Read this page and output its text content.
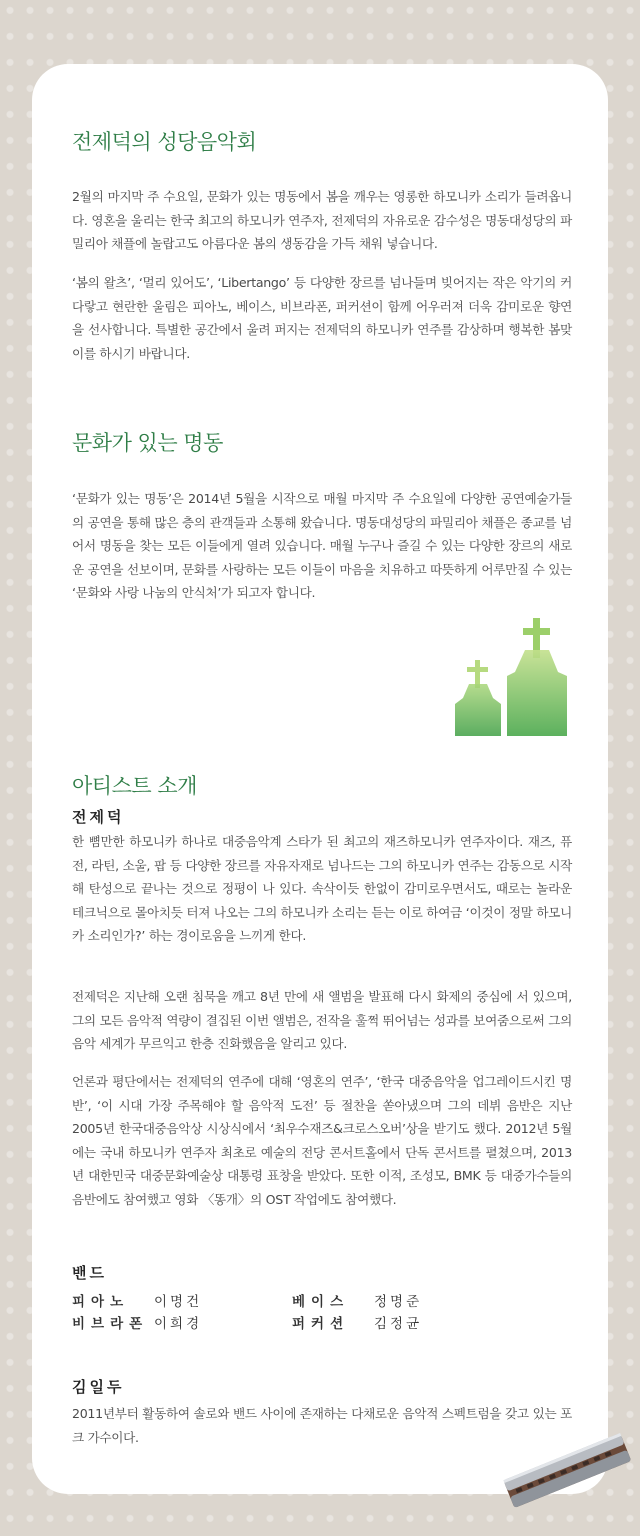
전제덕의 성당음악회

2월의 마지막 주 수요일, 문화가 있는 명동에서 봄을 깨우는 영롱한 하모니카 소리가 들려옵니다. 영혼을 울리는 한국 최고의 하모니카 연주자, 전제덕의 자유로운 감수성은 명동대성당의 파밀리아 채플에 놀랍고도 아름다운 봄의 생동감을 가득 채워 넣습니다.

‘봄의 왈츠’, ‘멀리 있어도’, ‘Libertango’ 등 다양한 장르를 넘나들며 빚어지는 작은 악기의 커다랗고 현란한 울림은 피아노, 베이스, 비브라폰, 퍼커션이 함께 어우러져 더욱 감미로운 향연을 선사합니다. 특별한 공간에서 울려 퍼지는 전제덕의 하모니카 연주를 감상하며 행복한 봄맞이를 하시기 바랍니다.

문화가 있는 명동

‘문화가 있는 명동’은 2014년 5월을 시작으로 매월 마지막 주 수요일에 다양한 공연예술가들의 공연을 통해 많은 층의 관객들과 소통해 왔습니다. 명동대성당의 파밀리아 채플은 종교를 넘어서 명동을 찾는 모든 이들에게 열려 있습니다. 매월 누구나 즐길 수 있는 다양한 장르의 새로운 공연을 선보이며, 문화를 사랑하는 모든 이들이 마음을 치유하고 따뜻하게 어루만질 수 있는 ‘문화와 사랑 나눔의 안식처’가 되고자 합니다.

아티스트 소개
전제덕

한 뼘만한 하모니카 하나로 대중음악계 스타가 된 최고의 재즈하모니카 연주자이다. 재즈, 퓨전, 라틴, 소울, 팝 등 다양한 장르를 자유자재로 넘나드는 그의 하모니카 연주는 감동으로 시작해 탄성으로 끝나는 것으로 정평이 나 있다. 속삭이듯 한없이 감미로우면서도, 때로는 놀라운 테크닉으로 몰아치듯 터져 나오는 그의 하모니카 소리는 듣는 이로 하여금 ‘이것이 정말 하모니카 소리인가?’ 하는 경이로움을 느끼게 한다.

전제덕은 지난해 오랜 침묵을 깨고 8년 만에 새 앨범을 발표해 다시 화제의 중심에 서 있으며, 그의 모든 음악적 역량이 결집된 이번 앨범은, 전작을 훌쩍 뛰어넘는 성과를 보여줌으로써 그의 음악 세계가 무르익고 한층 진화했음을 알리고 있다.

언론과 평단에서는 전제덕의 연주에 대해 ‘영혼의 연주’, ‘한국 대중음악을 업그레이드시킨 명반’, ‘이 시대 가장 주목해야 할 음악적 도전’ 등 절찬을 쏟아냈으며 그의 데뷔 음반은 지난 2005년 한국대중음악상 시상식에서 ‘최우수재즈&크로스오버’상을 받기도 했다. 2012년 5월에는 국내 하모니카 연주자 최초로 예술의 전당 콘서트홀에서 단독 콘서트를 펼쳤으며, 2013년 대한민국 대중문화예술상 대통령 표창을 받았다. 또한 이적, 조성모, BMK 등 대중가수들의 음반에도 참여했고 영화 〈똥개〉의 OST 작업에도 참여했다.

밴드
피아노 이명건	베이스 정명준
비브라폰 이희경	퍼커션 김정균
김일두

2011년부터 활동하여 솔로와 밴드 사이에 존재하는 다채로운 음악적 스펙트럼을 갖고 있는 포크 가수이다.
